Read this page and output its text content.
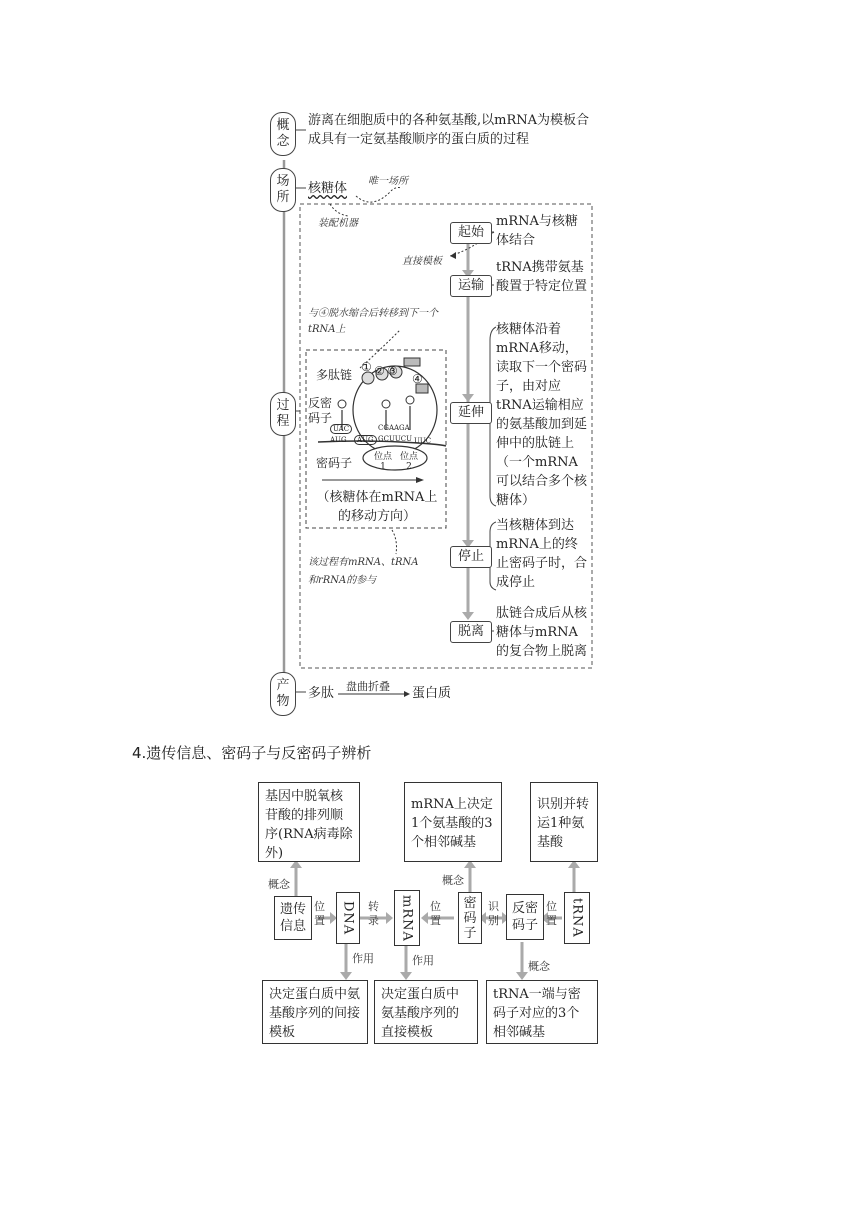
概
念
场
所
过
程
产
物
游离在细胞质中的各种氨基酸,以mRNA为模板合成具有一定氨基酸顺序的蛋白质的过程
核糖体 唯一场所
装配机器
起始
运输
延伸
停止
脱离
mRNA与核糖体结合
tRNA携带氨基酸置于特定位置
核糖体沿着mRNA移动，读取下一个密码子，由对应tRNA运输相应的氨基酸加到延伸中的肽链上（一个mRNA可以结合多个核糖体）
当核糖体到达mRNA上的终止密码子时，合成停止
肽链合成后从核糖体与mRNA的复合物上脱离
直接模板
与④脱水缩合后转移到下一个tRNA上
该过程有mRNA、tRNA和rRNA的参与
多肽链
反密码子
密码子
UAC
AUG
CGAAGA
AUG GCUUCU UUC
位点1
位点2
① ② ③
④
（核糖体在mRNA上的移动方向）
多肽 盘曲折叠 蛋白质
4.遗传信息、密码子与反密码子辨析
基因中脱氧核苷酸的排列顺序(RNA病毒除外)
mRNA上决定1个氨基酸的3个相邻碱基
识别并转运1种氨基酸
遗传信息
位置 DNA 转录 mRNA 位置
密码子
识别
反密码子
位置 tRNA
概念	概念
概念
作用	作用
决定蛋白质中氨基酸序列的间接模板
决定蛋白质中氨基酸序列的直接模板
tRNA一端与密码子对应的3个相邻碱基
